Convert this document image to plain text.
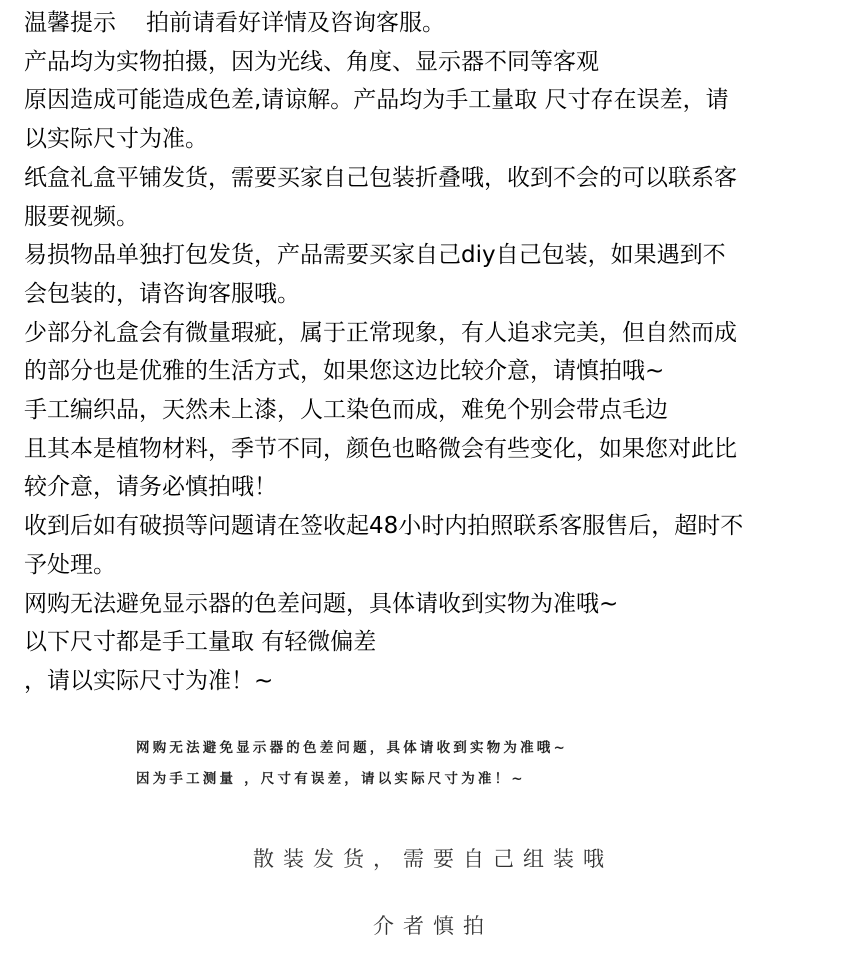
温馨提示 拍前请看好详情及咨询客服。

产品均为实物拍摄，因为光线、角度、显示器不同等客观

原因造成可能造成色差,请谅解。产品均为手工量取 尺寸存在误差，请

以实际尺寸为准。

纸盒礼盒平铺发货，需要买家自己包装折叠哦，收到不会的可以联系客

服要视频。

易损物品单独打包发货，产品需要买家自己diy自己包装，如果遇到不

会包装的，请咨询客服哦。

少部分礼盒会有微量瑕疵，属于正常现象，有人追求完美，但自然而成

的部分也是优雅的生活方式，如果您这边比较介意，请慎拍哦~

手工编织品，天然未上漆，人工染色而成，难免个别会带点毛边

且其本是植物材料，季节不同，颜色也略微会有些变化，如果您对此比

较介意，请务必慎拍哦！

收到后如有破损等问题请在签收起48小时内拍照联系客服售后，超时不

予处理。

网购无法避免显示器的色差问题，具体请收到实物为准哦~

以下尺寸都是手工量取 有轻微偏差

，请以实际尺寸为准！~

网购无法避免显示器的色差问题，具体请收到实物为准哦~

因为手工测量 ，尺寸有误差，请以实际尺寸为准！~

散装发货，需要自己组装哦

介者慎拍
